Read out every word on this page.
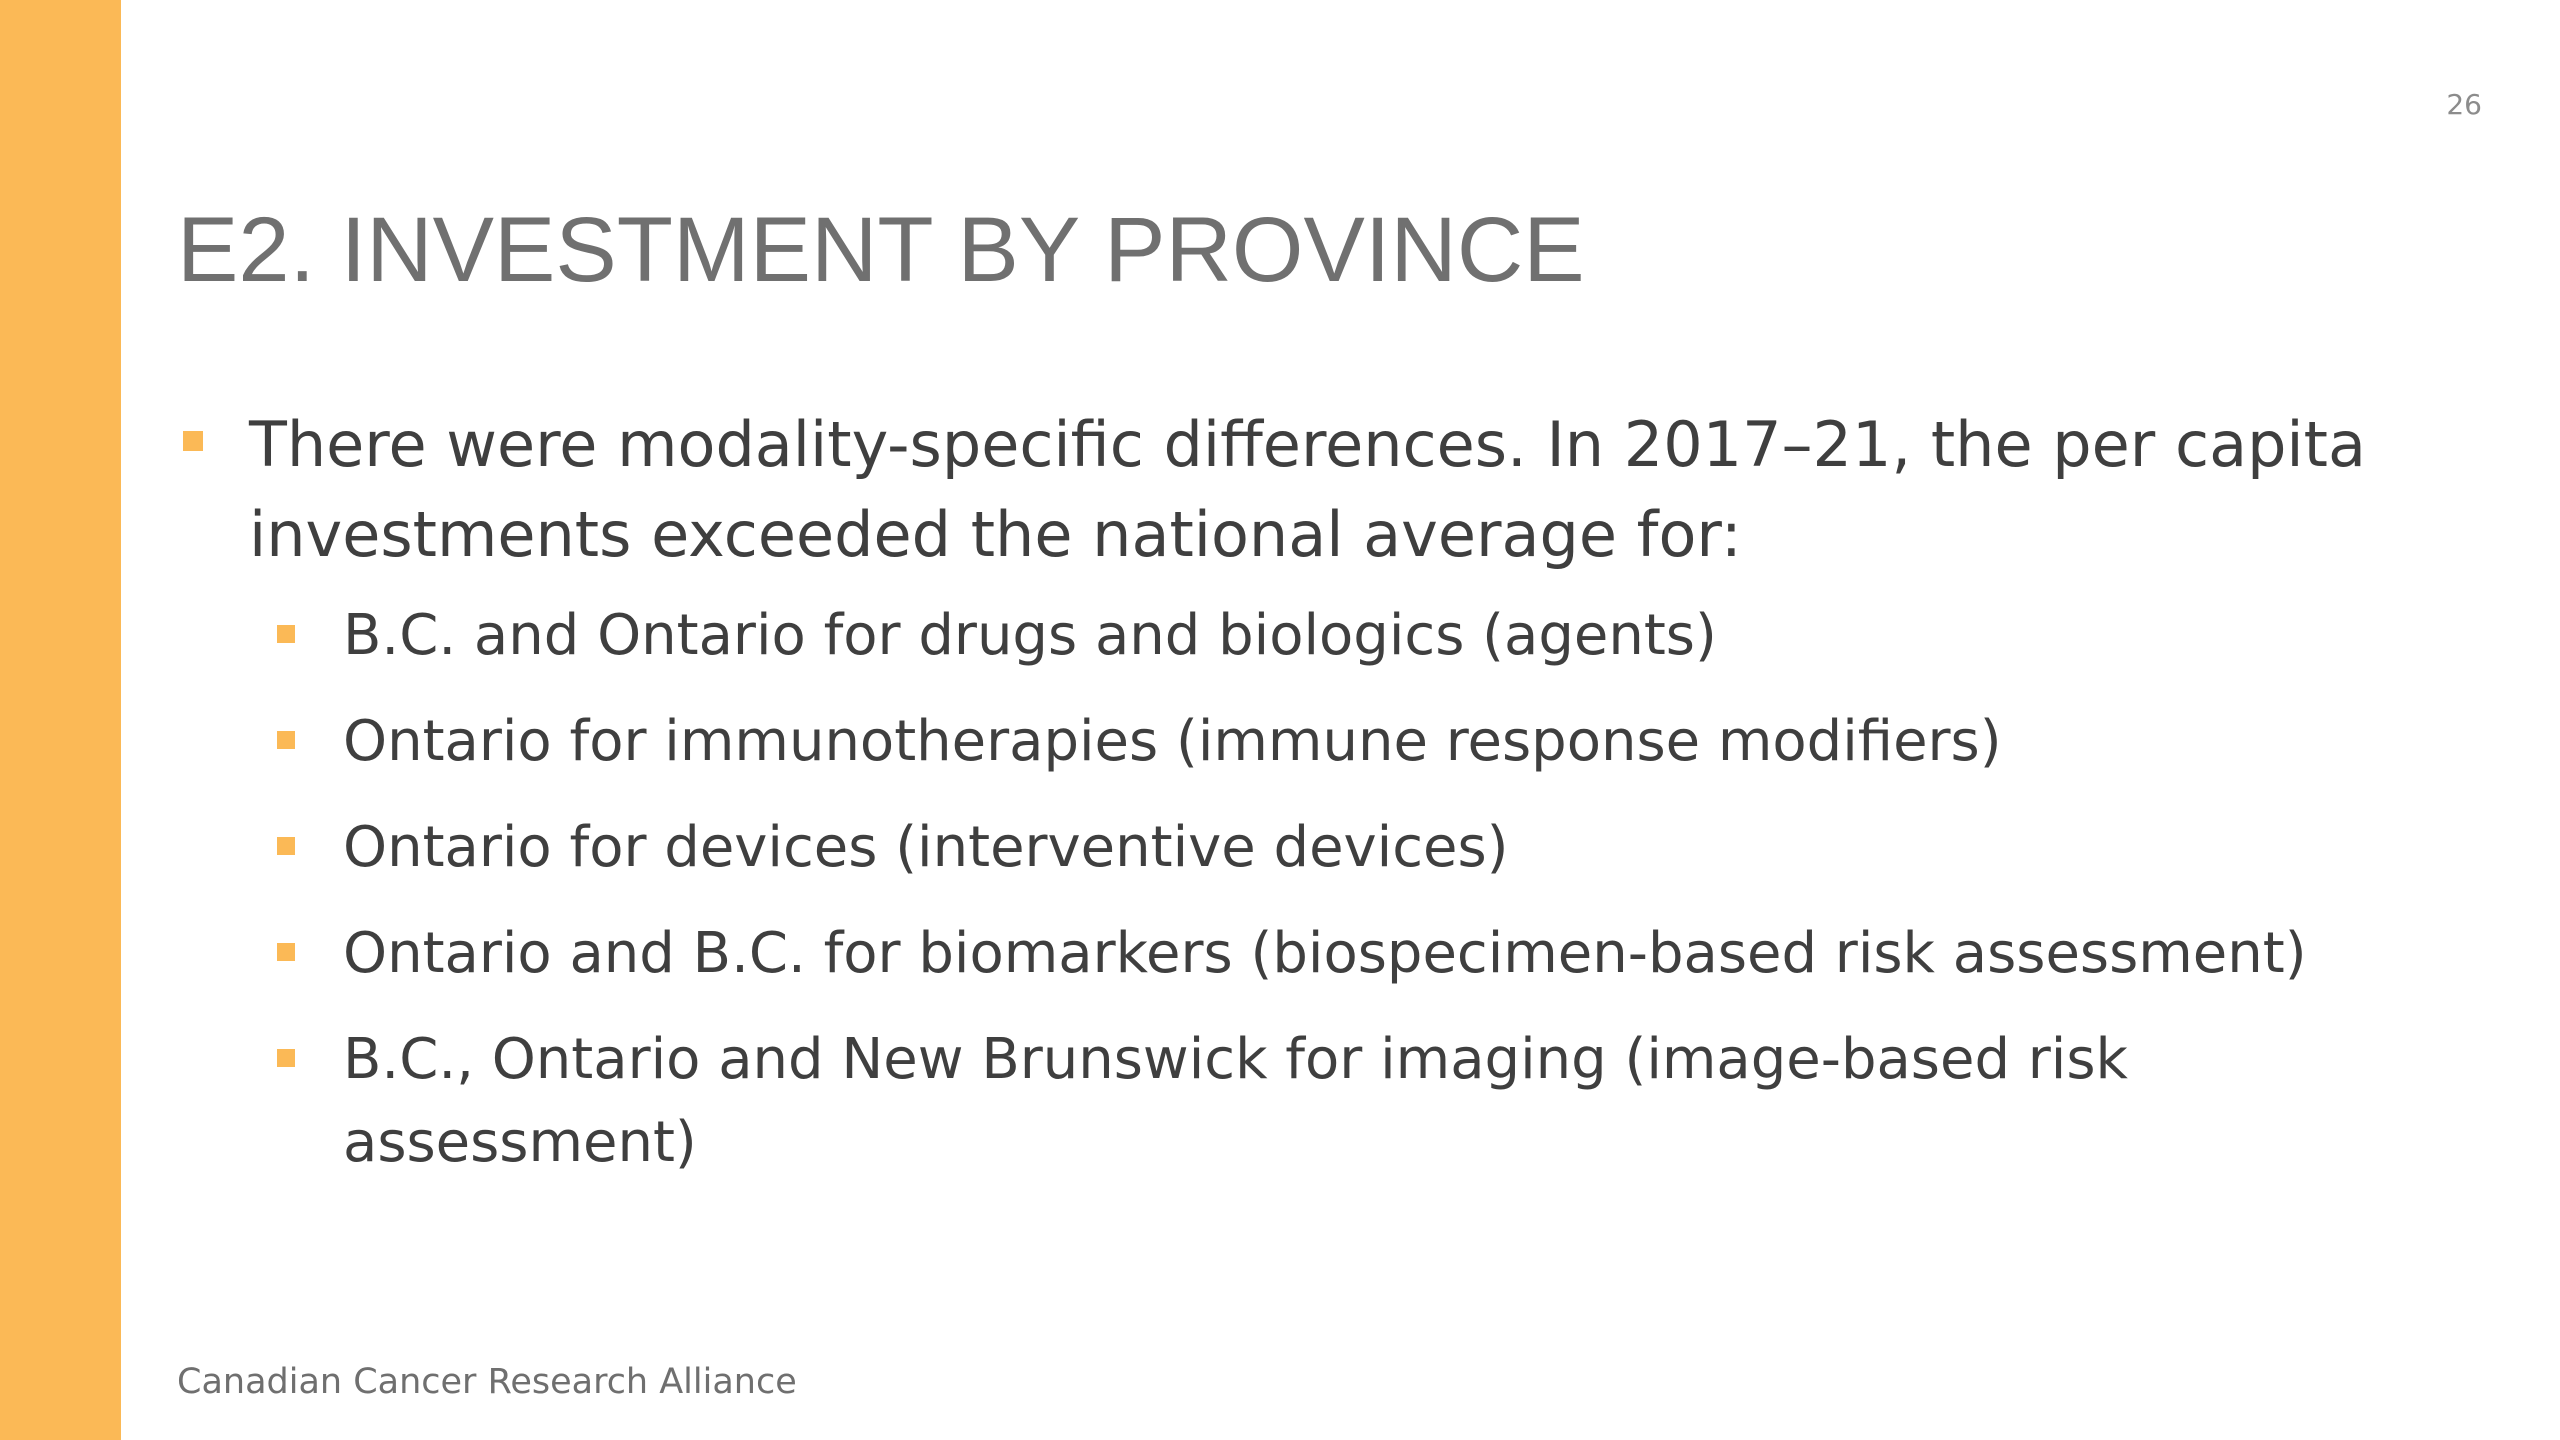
26
E2. INVESTMENT BY PROVINCE
There were modality-specific differences. In 2017–21, the per capita investments exceeded the national average for:
B.C. and Ontario for drugs and biologics (agents)
Ontario for immunotherapies (immune response modifiers)
Ontario for devices (interventive devices)
Ontario and B.C. for biomarkers (biospecimen-based risk assessment)
B.C., Ontario and New Brunswick for imaging (image-based risk assessment)
Canadian Cancer Research Alliance
